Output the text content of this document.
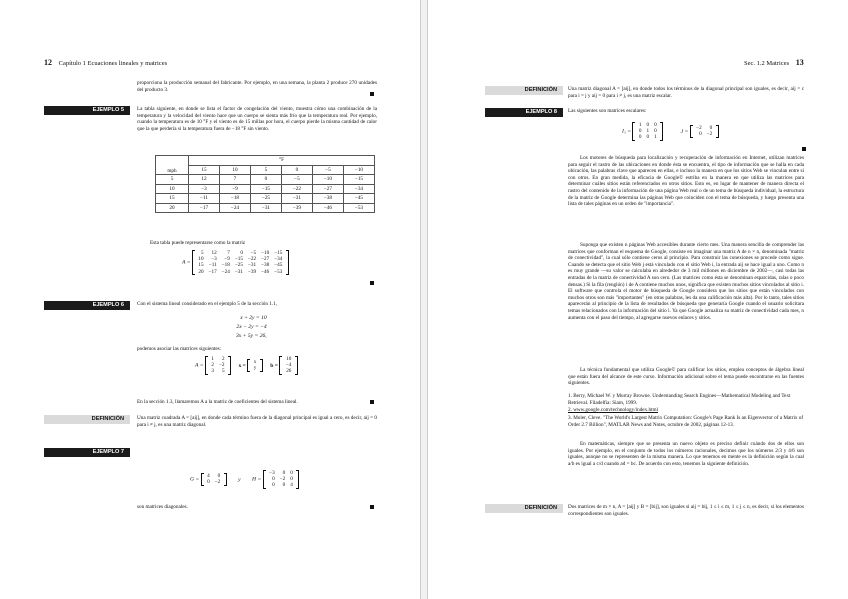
12 Capítulo 1 Ecuaciones lineales y matrices
proporciona la producción semanal del fabricante. Por ejemplo, en una semana, la planta 2 produce 270 unidades del producto 3.
EJEMPLO 5	La tabla siguiente, en donde se lista el factor de congelación del viento, muestra cómo una combinación de la temperatura y la velocidad del viento hace que un cuerpo se sienta más frío que la temperatura real. Por ejemplo, cuando la temperatura es de 10 °F y el viento es de 15 millas por hora, el cuerpo pierde la misma cantidad de calor que la que perdería si la temperatura fuera de −18 °F sin viento.
mph	°F					
	15	10	5	0	−5	−10
5	12	7	0	−5	−10	−15
10	−3	−9	−15	−22	−27	−34
15	−11	−18	−25	−31	−38	−45
20	−17	−24	−31	−39	−46	−53
Esta tabla puede representarse como la matriz
A =
5	12	7	0	−5	−10	−15
10	−3	−9	−15	−22	−27	−34
15	−11	−18	−25	−31	−38	−45
20	−17	−24	−31	−39	−46	−53
EJEMPLO 6	Con el sistema lineal considerado en el ejemplo 5 de la sección 1.1,
x + 2y = 10
2x − 2y = −4
3x + 5y = 26,
podemos asociar las matrices siguientes:
A =
1	2
2	−2
3	5
x =
x
y b =
10
−4
26
En la sección 1.3, llamaremos A a la matriz de coeficientes del sistema lineal.
DEFINICIÓN	Una matriz cuadrada A = [aij], en donde cada término fuera de la diagonal principal es igual a cero, es decir, aij = 0 para i ≠ j, es una matriz diagonal.
EJEMPLO 7
G =
4	0
0	−2	y H =
−3	0	0
0	−2	0
0	0	4
son matrices diagonales.
Sec. 1.2 Matrices 13
DEFINICIÓN	Una matriz diagonal A = [aij], en donde todos los términos de la diagonal principal son iguales, es decir, aij = c para i = j y aij = 0 para i ≠ j, es una matriz escalar.
EJEMPLO 8	Las siguientes son matrices escalares:
I₃ =
1	0	0
0	1	0
0	0	1
J =
−2	0
0	−2
Los motores de búsqueda para localización y recuperación de información en Internet, utilizan matrices para seguir el rastro de las ubicaciones en donde ésta se encuentra, el tipo de información que se halla en cada ubicación, las palabras clave que aparecen en ellas, e incluso la manera en que los sitios Web se vinculan entre sí con otros. En gran medida, la eficacia de Google© estriba en la manera en que utiliza las matrices para determinar cuáles sitios están referenciados en otros sitios. Esto es, en lugar de mantener de manera directa el rastro del contenido de la información de una página Web real o de un tema de búsqueda individual, la estructura de la matriz de Google determina las páginas Web que coinciden con el tema de búsqueda, y luego presenta una lista de tales páginas en un orden de "importancia".
Suponga que existen n páginas Web accesibles durante cierto mes. Una manera sencilla de comprender las matrices que conforman el esquema de Google, consiste en imaginar una matriz A de n × n, denominada "matriz de conectividad", la cual sólo contiene ceros al principio. Para construir las conexiones se procede como sigue. Cuando se detecta que el sitio Web j está vinculado con el sitio Web i, la entrada aij se hace igual a uno. Como n es muy grande —su valor se calculaba en alrededor de 3 mil millones en diciembre de 2002—, casi todas las entradas de la matriz de conectividad A son cero. (Las matrices como ésta se denominan esparcidas, ralas o poco densas.) Si la fila (renglón) i de A contiene muchos unos, significa que existen muchos sitios vinculados al sitio i. El software que controla el motor de búsqueda de Google considera que los sitios que están vinculados con muchos otros son más "importantes" (en otras palabras, les da una calificación más alta). Por lo tanto, tales sitios aparecerán al principio de la lista de resultados de búsqueda que generaría Google cuando el usuario solicitara temas relacionados con la información del sitio i. Ya que Google actualiza su matriz de conectividad cada mes, n aumenta con el paso del tiempo, al agregarse nuevos enlaces y sitios.
La técnica fundamental que utiliza Google© para calificar los sitios, emplea conceptos de álgebra lineal que están fuera del alcance de este curso. Información adicional sobre el tema puede encontrarse en las fuentes siguientes.
1. Berry, Michael W. y Murray Browne. Understanding Search Engines—Mathematical Modeling and Text Retrieval. Filadelfia: Siam, 1999.
2. www.google.com/technology/index.html
3. Moler, Cleve. "The World's Largest Matrix Computation: Google's Page Rank Is an Eigenvector of a Matrix of Order 2.7 Billion", MATLAB News and Notes, octubre de 2002, páginas 12-13.
En matemáticas, siempre que se presenta un nuevo objeto es preciso definir cuándo dos de ellos son iguales. Por ejemplo, en el conjunto de todos los números racionales, decimos que los números 2/3 y 4/6 son iguales, aunque no se representen de la misma manera. Lo que tenemos en mente es la definición según la cual a/b es igual a c/d cuando ad = bc. De acuerdo con esto, tenemos la siguiente definición.
DEFINICIÓN	Dos matrices de m × n, A = [aij] y B = [bij], son iguales si aij = bij, 1 ≤ i ≤ m, 1 ≤ j ≤ n, es decir, si los elementos correspondientes son iguales.
